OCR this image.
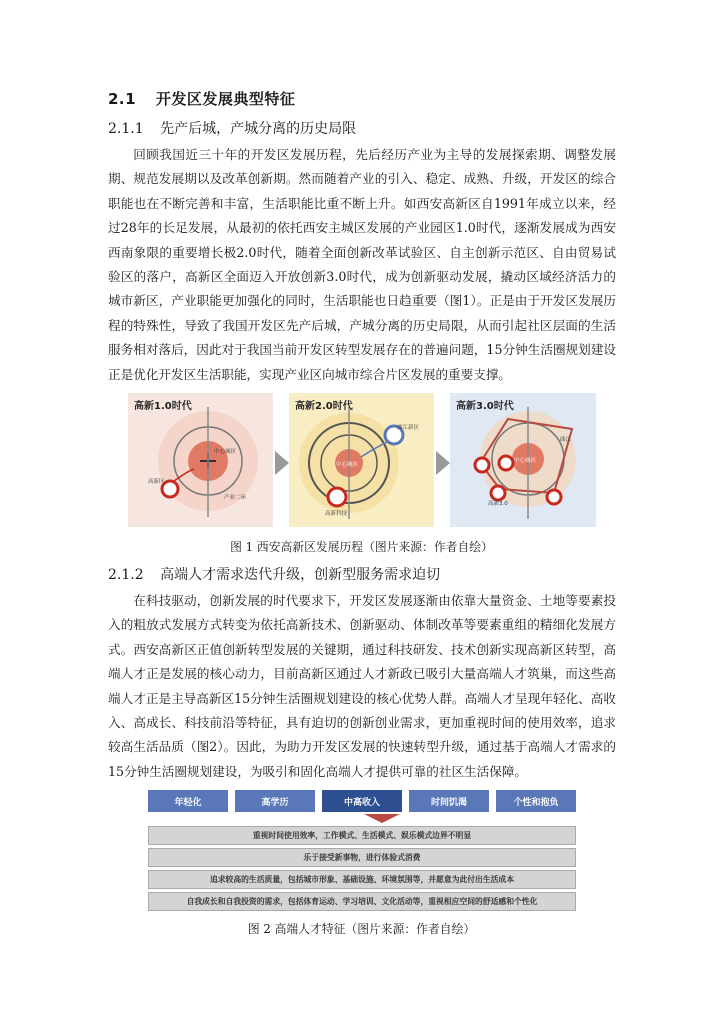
2.1 开发区发展典型特征
2.1.1 先产后城，产城分离的历史局限

回顾我国近三十年的开发区发展历程，先后经历产业为主导的发展探索期、调整发展期、规范发展期以及改革创新期。然而随着产业的引入、稳定、成熟、升级，开发区的综合职能也在不断完善和丰富，生活职能比重不断上升。如西安高新区自1991年成立以来，经过28年的长足发展，从最初的依托西安主城区发展的产业园区1.0时代，逐渐发展成为西安西南象限的重要增长极2.0时代，随着全面创新改革试验区、自主创新示范区、自由贸易试验区的落户，高新区全面迈入开放创新3.0时代，成为创新驱动发展，撬动区域经济活力的城市新区，产业职能更加强化的同时，生活职能也日趋重要（图1）。正是由于开发区发展历程的特殊性，导致了我国开发区先产后城，产城分离的历史局限，从而引起社区层面的生活服务相对落后，因此对于我国当前开发区转型发展存在的普遍问题，15分钟生活圈规划建设正是优化开发区生活职能，实现产业区向城市综合片区发展的重要支撑。

高新1.0时代
中心城区
高新区
产业二环
高新2.0时代
曲江新区
中心城区
高新科技
高新3.0时代
高新3.0
曲江
中心城区
图 1 西安高新区发展历程（图片来源：作者自绘）
2.1.2 高端人才需求迭代升级，创新型服务需求迫切

在科技驱动，创新发展的时代要求下，开发区发展逐渐由依靠大量资金、土地等要素投入的粗放式发展方式转变为依托高新技术、创新驱动、体制改革等要素重组的精细化发展方式。西安高新区正值创新转型发展的关键期，通过科技研发、技术创新实现高新区转型，高端人才正是发展的核心动力，目前高新区通过人才新政已吸引大量高端人才筑巢，而这些高端人才正是主导高新区15分钟生活圈规划建设的核心优势人群。高端人才呈现年轻化、高收入、高成长、科技前沿等特征，具有迫切的创新创业需求，更加重视时间的使用效率，追求较高生活品质（图2）。因此，为助力开发区发展的快速转型升级，通过基于高端人才需求的15分钟生活圈规划建设，为吸引和固化高端人才提供可靠的社区生活保障。

年轻化	高学历	中高收入	时间饥渴	个性和抱负
重视时间使用效率，工作模式、生活模式、娱乐模式边界不明显
乐于接受新事物，进行体验式消费
追求较高的生活质量，包括城市形象、基础设施、环境氛围等，并愿意为此付出生活成本
自我成长和自我投资的需求，包括体育运动、学习培训、文化活动等，重视相应空间的舒适感和个性化
图 2 高端人才特征（图片来源：作者自绘）
